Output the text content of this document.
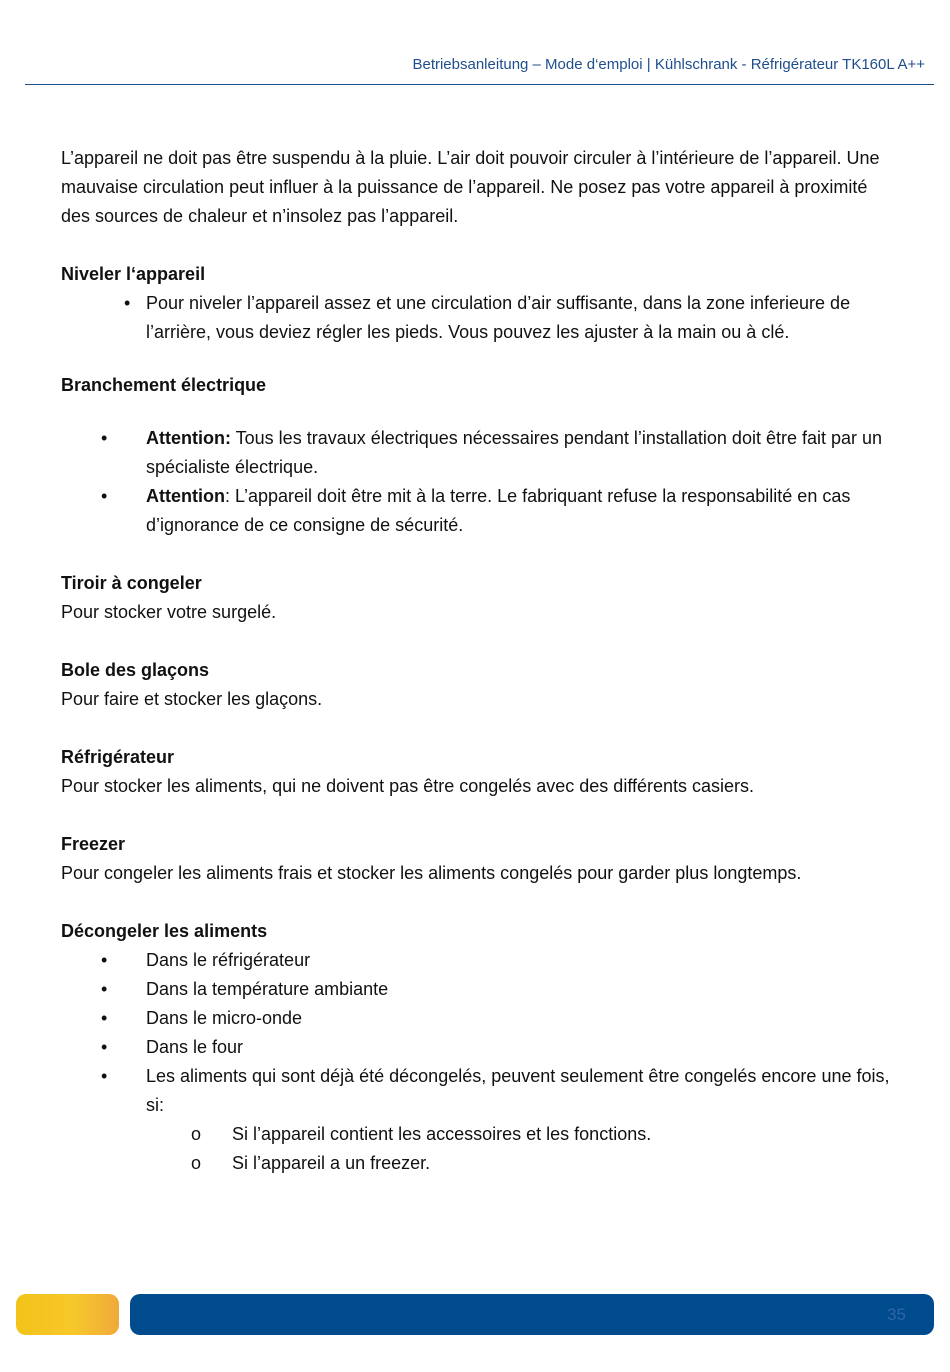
Betriebsanleitung – Mode d‘emploi | Kühlschrank - Réfrigérateur TK160L A++

L’appareil ne doit pas être suspendu à la pluie. L’air doit pouvoir circuler à l’intérieure de l’appareil. Une mauvaise circulation peut influer à la puissance de l’appareil. Ne posez pas votre appareil à proximité des sources de chaleur et n’insolez pas l’appareil.

Niveler l‘appareil

• Pour niveler l’appareil assez et une circulation d’air suffisante, dans la zone inferieure de l’arrière, vous deviez régler les pieds. Vous pouvez les ajuster à la main ou à clé.

Branchement électrique

• Attention: Tous les travaux électriques nécessaires pendant l’installation doit être fait par un spécialiste électrique.
• Attention: L’appareil doit être mit à la terre. Le fabriquant refuse la responsabilité en cas d’ignorance de ce consigne de sécurité.

Tiroir à congeler

Pour stocker votre surgelé.

Bole des glaçons

Pour faire et stocker les glaçons.

Réfrigérateur

Pour stocker les aliments, qui ne doivent pas être congelés avec des différents casiers.

Freezer

Pour congeler les aliments frais et stocker les aliments congelés pour garder plus longtemps.

Décongeler les aliments

• Dans le réfrigérateur
• Dans la température ambiante
• Dans le micro-onde
• Dans le four
• Les aliments qui sont déjà été décongelés, peuvent seulement être congelés encore une fois, si:
o Si l’appareil contient les accessoires et les fonctions.
o Si l’appareil a un freezer.
35
